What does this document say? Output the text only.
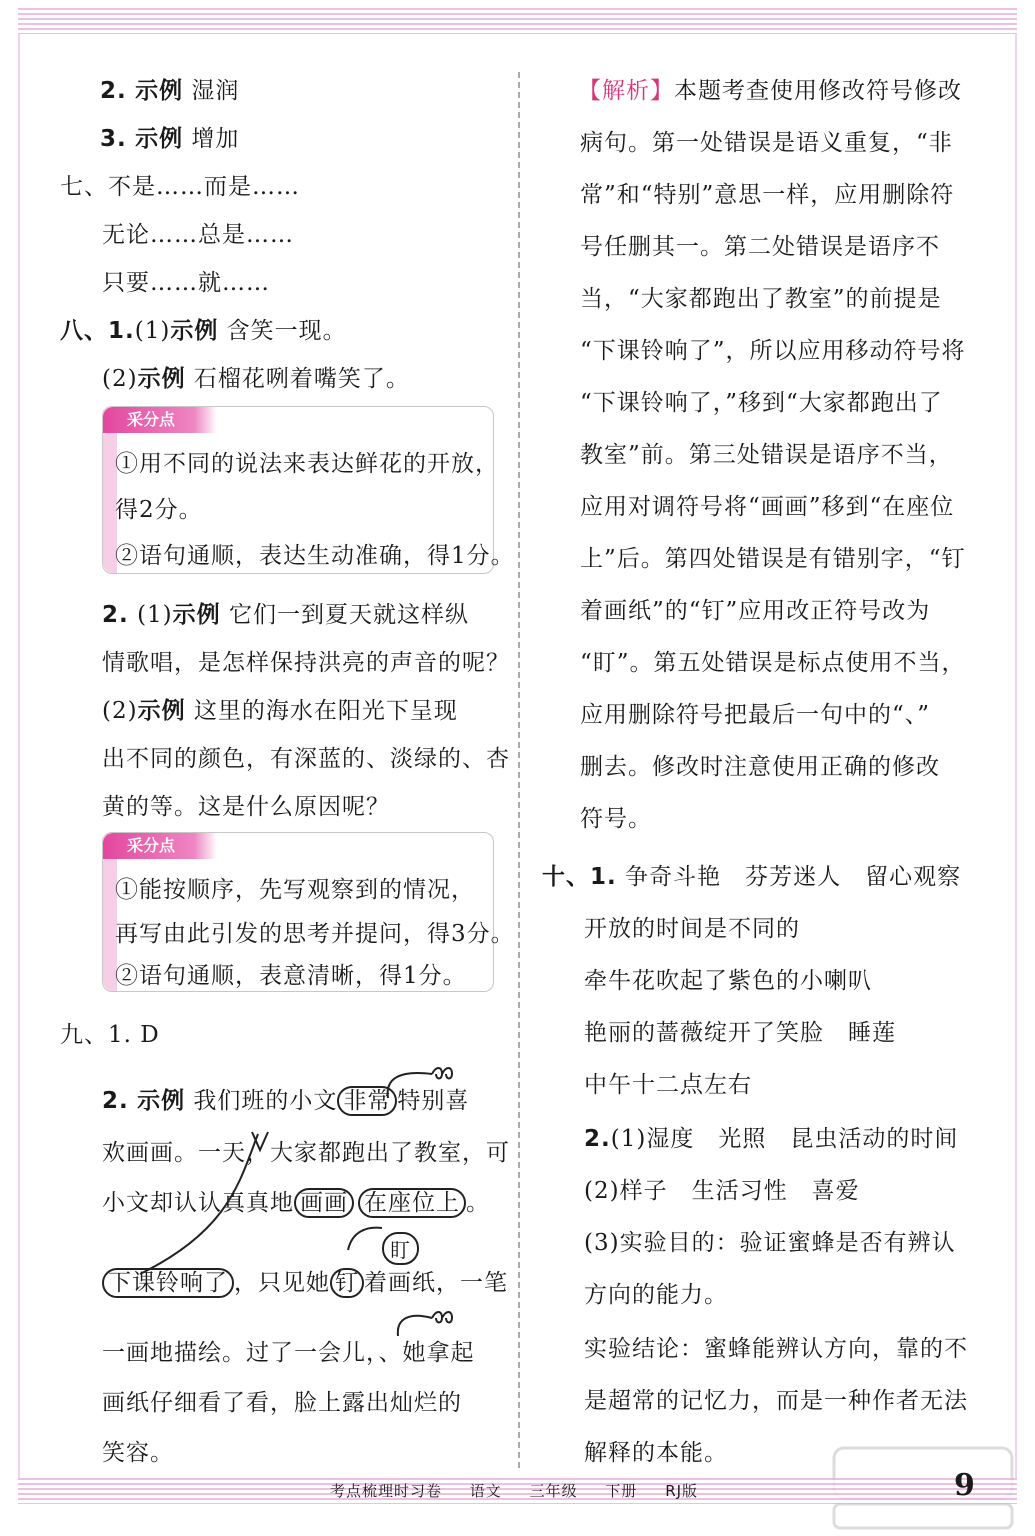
2. 示例 湿润
3. 示例 增加
七、不是……而是……
无论……总是……
只要……就……
八、1.(1)示例 含笑一现。
(2)示例 石榴花咧着嘴笑了。
采分点
①用不同的说法来表达鲜花的开放，
得2分。
②语句通顺，表达生动准确，得1分。
2. (1)示例 它们一到夏天就这样纵
情歌唱，是怎样保持洪亮的声音的呢？
(2)示例 这里的海水在阳光下呈现
出不同的颜色，有深蓝的、淡绿的、杏
黄的等。这是什么原因呢？
采分点
①能按顺序，先写观察到的情况，
再写由此引发的思考并提问，得3分。
②语句通顺，表意清晰，得1分。
九、1. D
2. 示例 我们班的小文 非常 特别喜
欢画画。一天，大家都跑出了教室，可
小文却认认真真地 画画 在座位上 。
盯
下课铃响了 ，只见她 钉 着画纸，一笔
一画地描绘。过了一会儿，、她拿起
画纸仔细看了看，脸上露出灿烂的
笑容。
【解析】本题考查使用修改符号修改
病句。第一处错误是语义重复，“非
常”和“特别”意思一样，应用删除符
号任删其一。第二处错误是语序不
当，“大家都跑出了教室”的前提是
“下课铃响了”，所以应用移动符号将
“下课铃响了，”移到“大家都跑出了
教室”前。第三处错误是语序不当，
应用对调符号将“画画”移到“在座位
上”后。第四处错误是有错别字，“钉
着画纸”的“钉”应用改正符号改为
“盯”。第五处错误是标点使用不当，
应用删除符号把最后一句中的“、”
删去。修改时注意使用正确的修改
符号。
十、1. 争奇斗艳　芬芳迷人　留心观察
开放的时间是不同的
牵牛花吹起了紫色的小喇叭
艳丽的蔷薇绽开了笑脸　睡莲
中午十二点左右
2.(1)湿度　光照　昆虫活动的时间
(2)样子　生活习性　喜爱
(3)实验目的：验证蜜蜂是否有辨认
方向的能力。
实验结论：蜜蜂能辨认方向，靠的不
是超常的记忆力，而是一种作者无法
解释的本能。
考点梳理时习卷 语文 三年级 下册 RJ版	9
